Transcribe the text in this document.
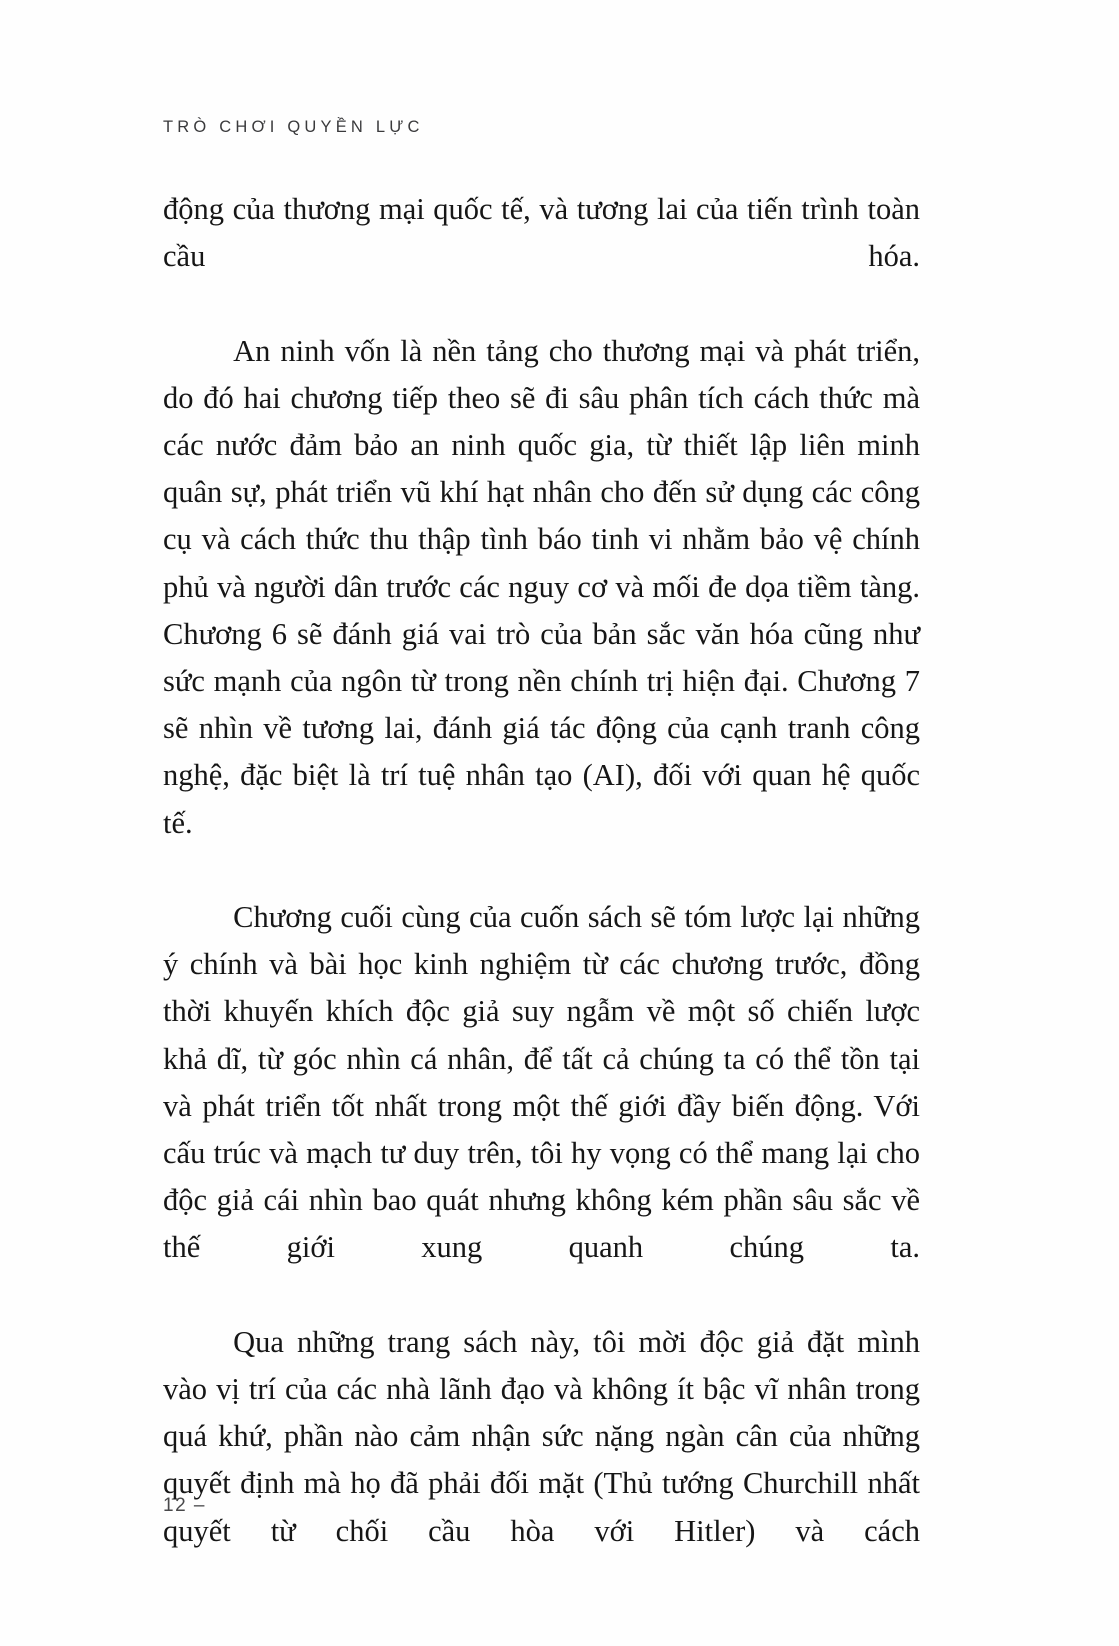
TRÒ CHƠI QUYỀN LỰC

động của thương mại quốc tế, và tương lai của tiến trình toàn cầu hóa.

An ninh vốn là nền tảng cho thương mại và phát triển, do đó hai chương tiếp theo sẽ đi sâu phân tích cách thức mà các nước đảm bảo an ninh quốc gia, từ thiết lập liên minh quân sự, phát triển vũ khí hạt nhân cho đến sử dụng các công cụ và cách thức thu thập tình báo tinh vi nhằm bảo vệ chính phủ và người dân trước các nguy cơ và mối đe dọa tiềm tàng. Chương 6 sẽ đánh giá vai trò của bản sắc văn hóa cũng như sức mạnh của ngôn từ trong nền chính trị hiện đại. Chương 7 sẽ nhìn về tương lai, đánh giá tác động của cạnh tranh công nghệ, đặc biệt là trí tuệ nhân tạo (AI), đối với quan hệ quốc tế.

Chương cuối cùng của cuốn sách sẽ tóm lược lại những ý chính và bài học kinh nghiệm từ các chương trước, đồng thời khuyến khích độc giả suy ngẫm về một số chiến lược khả dĩ, từ góc nhìn cá nhân, để tất cả chúng ta có thể tồn tại và phát triển tốt nhất trong một thế giới đầy biến động. Với cấu trúc và mạch tư duy trên, tôi hy vọng có thể mang lại cho độc giả cái nhìn bao quát nhưng không kém phần sâu sắc về thế giới xung quanh chúng ta.

Qua những trang sách này, tôi mời độc giả đặt mình vào vị trí của các nhà lãnh đạo và không ít bậc vĩ nhân trong quá khứ, phần nào cảm nhận sức nặng ngàn cân của những quyết định mà họ đã phải đối mặt (Thủ tướng Churchill nhất quyết từ chối cầu hòa với Hitler) và cách

12 –
